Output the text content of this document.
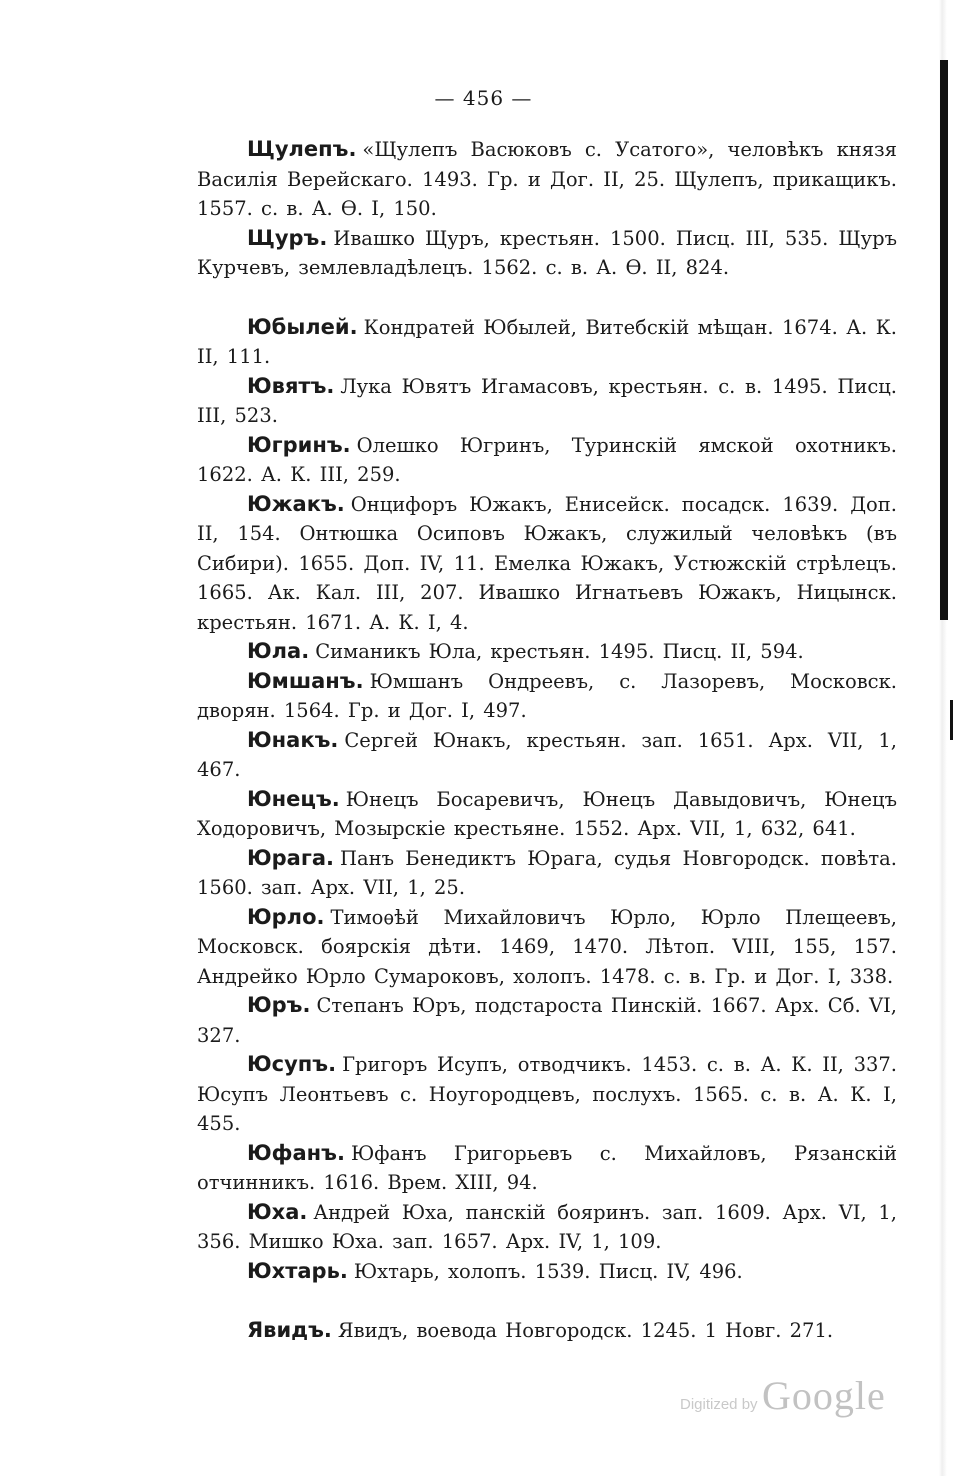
— 456 —

Щулепъ. «Щулепъ Васюковъ с. Усатого», человѣкъ князя Василія Верейскаго. 1493. Гр. и Дог. II, 25. Щулепъ, прикащикъ. 1557. с. в. А. Ѳ. I, 150.

Щуръ. Ивашко Щуръ, крестьян. 1500. Писц. III, 535. Щуръ Курчевъ, землевладѣлецъ. 1562. с. в. А. Ѳ. II, 824.

Юбылей. Кондратей Юбылей, Витебскій мѣщан. 1674. А. К. II, 111.

Ювятъ. Лука Ювятъ Игамасовъ, крестьян. с. в. 1495. Писц. III, 523.

Югринъ. Олешко Югринъ, Туринскій ямской охотникъ. 1622. А. К. III, 259.

Южакъ. Онцифоръ Южакъ, Енисейск. посадск. 1639. Доп. II, 154. Онтюшка Осиповъ Южакъ, служилый человѣкъ (въ Сибири). 1655. Доп. IV, 11. Емелка Южакъ, Устюжскій стрѣлецъ. 1665. Ак. Кал. III, 207. Ивашко Игнатьевъ Южакъ, Ницынск. крестьян. 1671. А. К. I, 4.

Юла. Симаникъ Юла, крестьян. 1495. Писц. II, 594.

Юмшанъ. Юмшанъ Ондреевъ, с. Лазоревъ, Московск. дворян. 1564. Гр. и Дог. I, 497.

Юнакъ. Сергей Юнакъ, крестьян. зап. 1651. Арх. VII, 1, 467.

Юнецъ. Юнецъ Босаревичъ, Юнецъ Давыдовичъ, Юнецъ Ходоровичъ, Мозырскіе крестьяне. 1552. Арх. VII, 1, 632, 641.

Юрага. Панъ Бенедиктъ Юрага, судья Новгородск. повѣта. 1560. зап. Арх. VII, 1, 25.

Юрло. Тимоѳѣй Михайловичъ Юрло, Юрло Плещеевъ, Московск. боярскія дѣти. 1469, 1470. Лѣтоп. VIII, 155, 157. Андрейко Юрло Сумароковъ, холопъ. 1478. с. в. Гр. и Дог. I, 338.

Юръ. Степанъ Юръ, подстароста Пинскій. 1667. Арх. Сб. VI, 327.

Юсупъ. Григоръ Исупъ, отводчикъ. 1453. с. в. А. К. II, 337. Юсупъ Леонтьевъ с. Ноугородцевъ, послухъ. 1565. с. в. А. К. I, 455.

Юфанъ. Юфанъ Григорьевъ с. Михайловъ, Рязанскій отчинникъ. 1616. Врем. XIII, 94.

Юха. Андрей Юха, панскій бояринъ. зап. 1609. Арх. VI, 1, 356. Мишко Юха. зап. 1657. Арх. IV, 1, 109.

Юхтарь. Юхтарь, холопъ. 1539. Писц. IV, 496.

Явидъ. Явидъ, воевода Новгородск. 1245. 1 Новг. 271.

Digitized by Google
